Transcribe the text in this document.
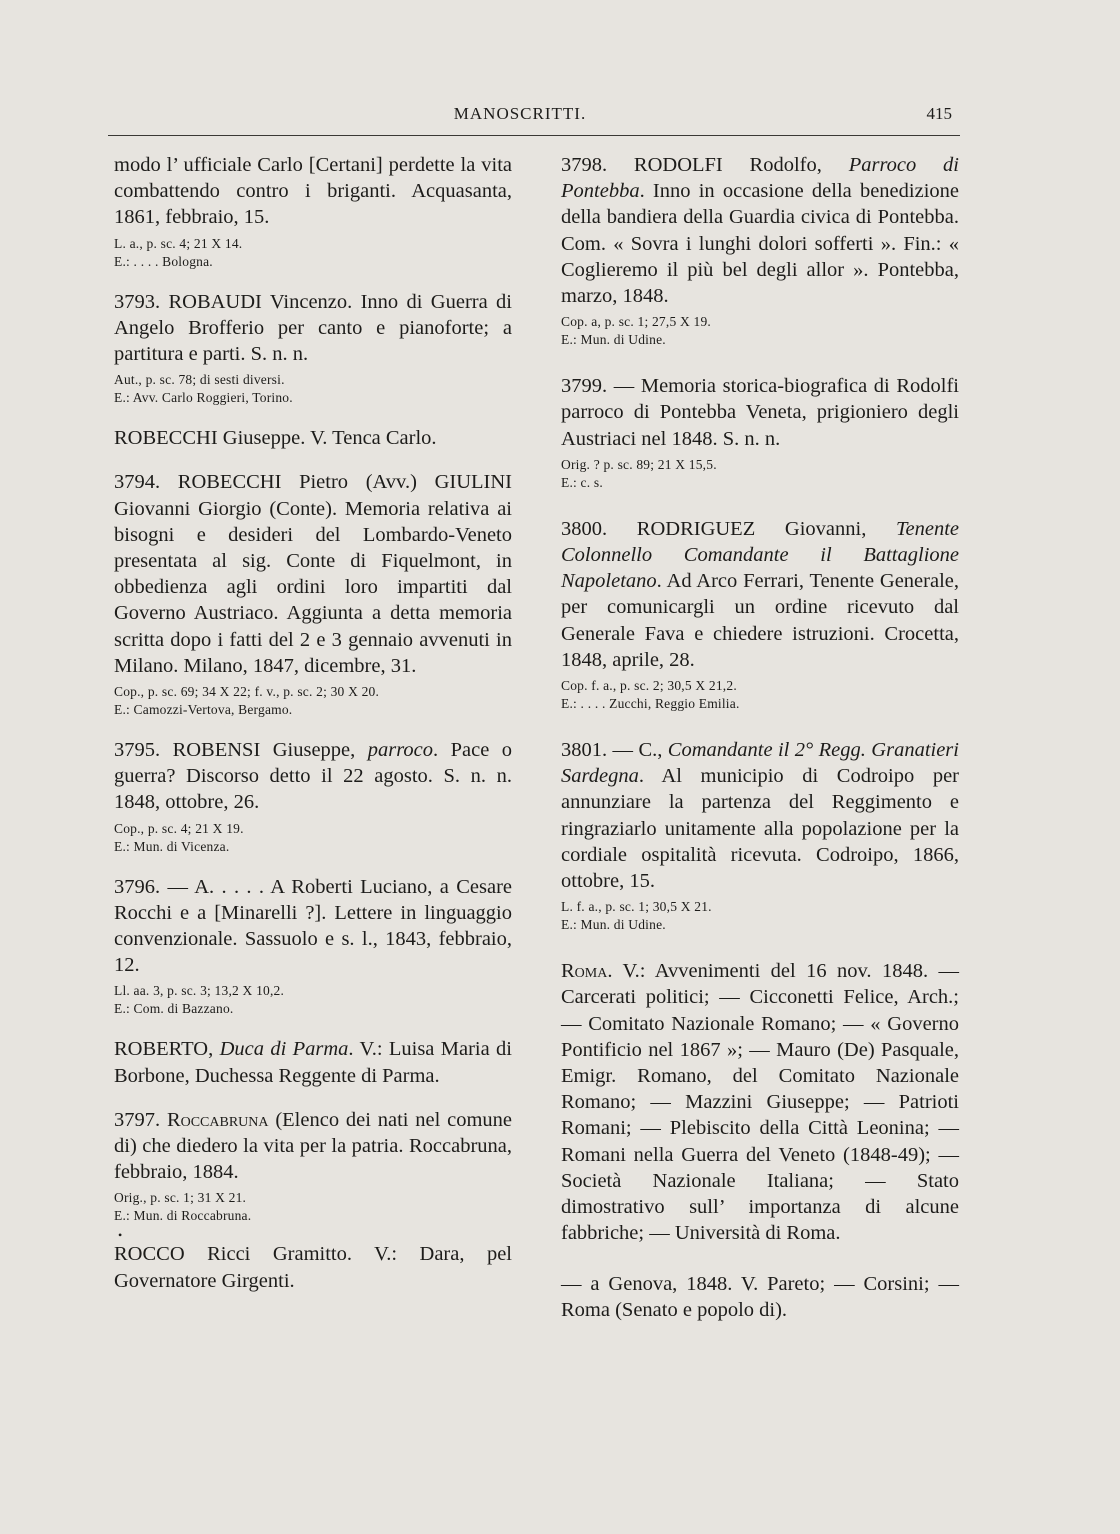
MANOSCRITTI.	415

modo l’ ufficiale Carlo [Certani] perdette la vita combattendo contro i briganti. Acquasanta, 1861, febbraio, 15.

L. a., p. sc. 4; 21 X 14.

E.: . . . . Bologna.

3793. ROBAUDI Vincenzo. Inno di Guerra di Angelo Brofferio per canto e pianoforte; a partitura e parti. S. n. n.

Aut., p. sc. 78; di sesti diversi.

E.: Avv. Carlo Roggieri, Torino.

ROBECCHI Giuseppe. V. Tenca Carlo.

3794. ROBECCHI Pietro (Avv.) GIULINI Giovanni Giorgio (Conte). Memoria relativa ai bisogni e desideri del Lombardo-Veneto presentata al sig. Conte di Fiquelmont, in obbedienza agli ordini loro impartiti dal Governo Austriaco. Aggiunta a detta memoria scritta dopo i fatti del 2 e 3 gennaio avvenuti in Milano. Milano, 1847, dicembre, 31.

Cop., p. sc. 69; 34 X 22; f. v., p. sc. 2; 30 X 20.

E.: Camozzi-Vertova, Bergamo.

3795. ROBENSI Giuseppe, parroco. Pace o guerra? Discorso detto il 22 agosto. S. n. n. 1848, ottobre, 26.

Cop., p. sc. 4; 21 X 19.

E.: Mun. di Vicenza.

3796. — A. . . . . A Roberti Luciano, a Cesare Rocchi e a [Minarelli ?]. Lettere in linguaggio convenzionale. Sassuolo e s. l., 1843, febbraio, 12.

Ll. aa. 3, p. sc. 3; 13,2 X 10,2.

E.: Com. di Bazzano.

ROBERTO, Duca di Parma. V.: Luisa Maria di Borbone, Duchessa Reggente di Parma.

3797. Roccabruna (Elenco dei nati nel comune di) che diedero la vita per la patria. Roccabruna, febbraio, 1884.

Orig., p. sc. 1; 31 X 21.

E.: Mun. di Roccabruna.

•

ROCCO Ricci Gramitto. V.: Dara, pel Governatore Girgenti.

3798. RODOLFI Rodolfo, Parroco di Pontebba. Inno in occasione della benedizione della bandiera della Guardia civica di Pontebba. Com. « Sovra i lunghi dolori sofferti ». Fin.: « Coglieremo il più bel degli allor ». Pontebba, marzo, 1848.

Cop. a, p. sc. 1; 27,5 X 19.

E.: Mun. di Udine.

3799. — Memoria storica-biografica di Rodolfi parroco di Pontebba Veneta, prigioniero degli Austriaci nel 1848. S. n. n.

Orig. ? p. sc. 89; 21 X 15,5.

E.: c. s.

3800. RODRIGUEZ Giovanni, Tenente Colonnello Comandante il Battaglione Napoletano. Ad Arco Ferrari, Tenente Generale, per comunicargli un ordine ricevuto dal Generale Fava e chiedere istruzioni. Crocetta, 1848, aprile, 28.

Cop. f. a., p. sc. 2; 30,5 X 21,2.

E.: . . . . Zucchi, Reggio Emilia.

3801. — C., Comandante il 2° Regg. Granatieri Sardegna. Al municipio di Codroipo per annunziare la partenza del Reggimento e ringraziarlo unitamente alla popolazione per la cordiale ospitalità ricevuta. Codroipo, 1866, ottobre, 15.

L. f. a., p. sc. 1; 30,5 X 21.

E.: Mun. di Udine.

Roma. V.: Avvenimenti del 16 nov. 1848. — Carcerati politici; — Cicconetti Felice, Arch.; — Comitato Nazionale Romano; — « Governo Pontificio nel 1867 »; — Mauro (De) Pasquale, Emigr. Romano, del Comitato Nazionale Romano; — Mazzini Giuseppe; — Patrioti Romani; — Plebiscito della Città Leonina; — Romani nella Guerra del Veneto (1848-49); — Società Nazionale Italiana; — Stato dimostrativo sull’ importanza di alcune fabbriche; — Università di Roma.

— a Genova, 1848. V. Pareto; — Corsini; — Roma (Senato e popolo di).
